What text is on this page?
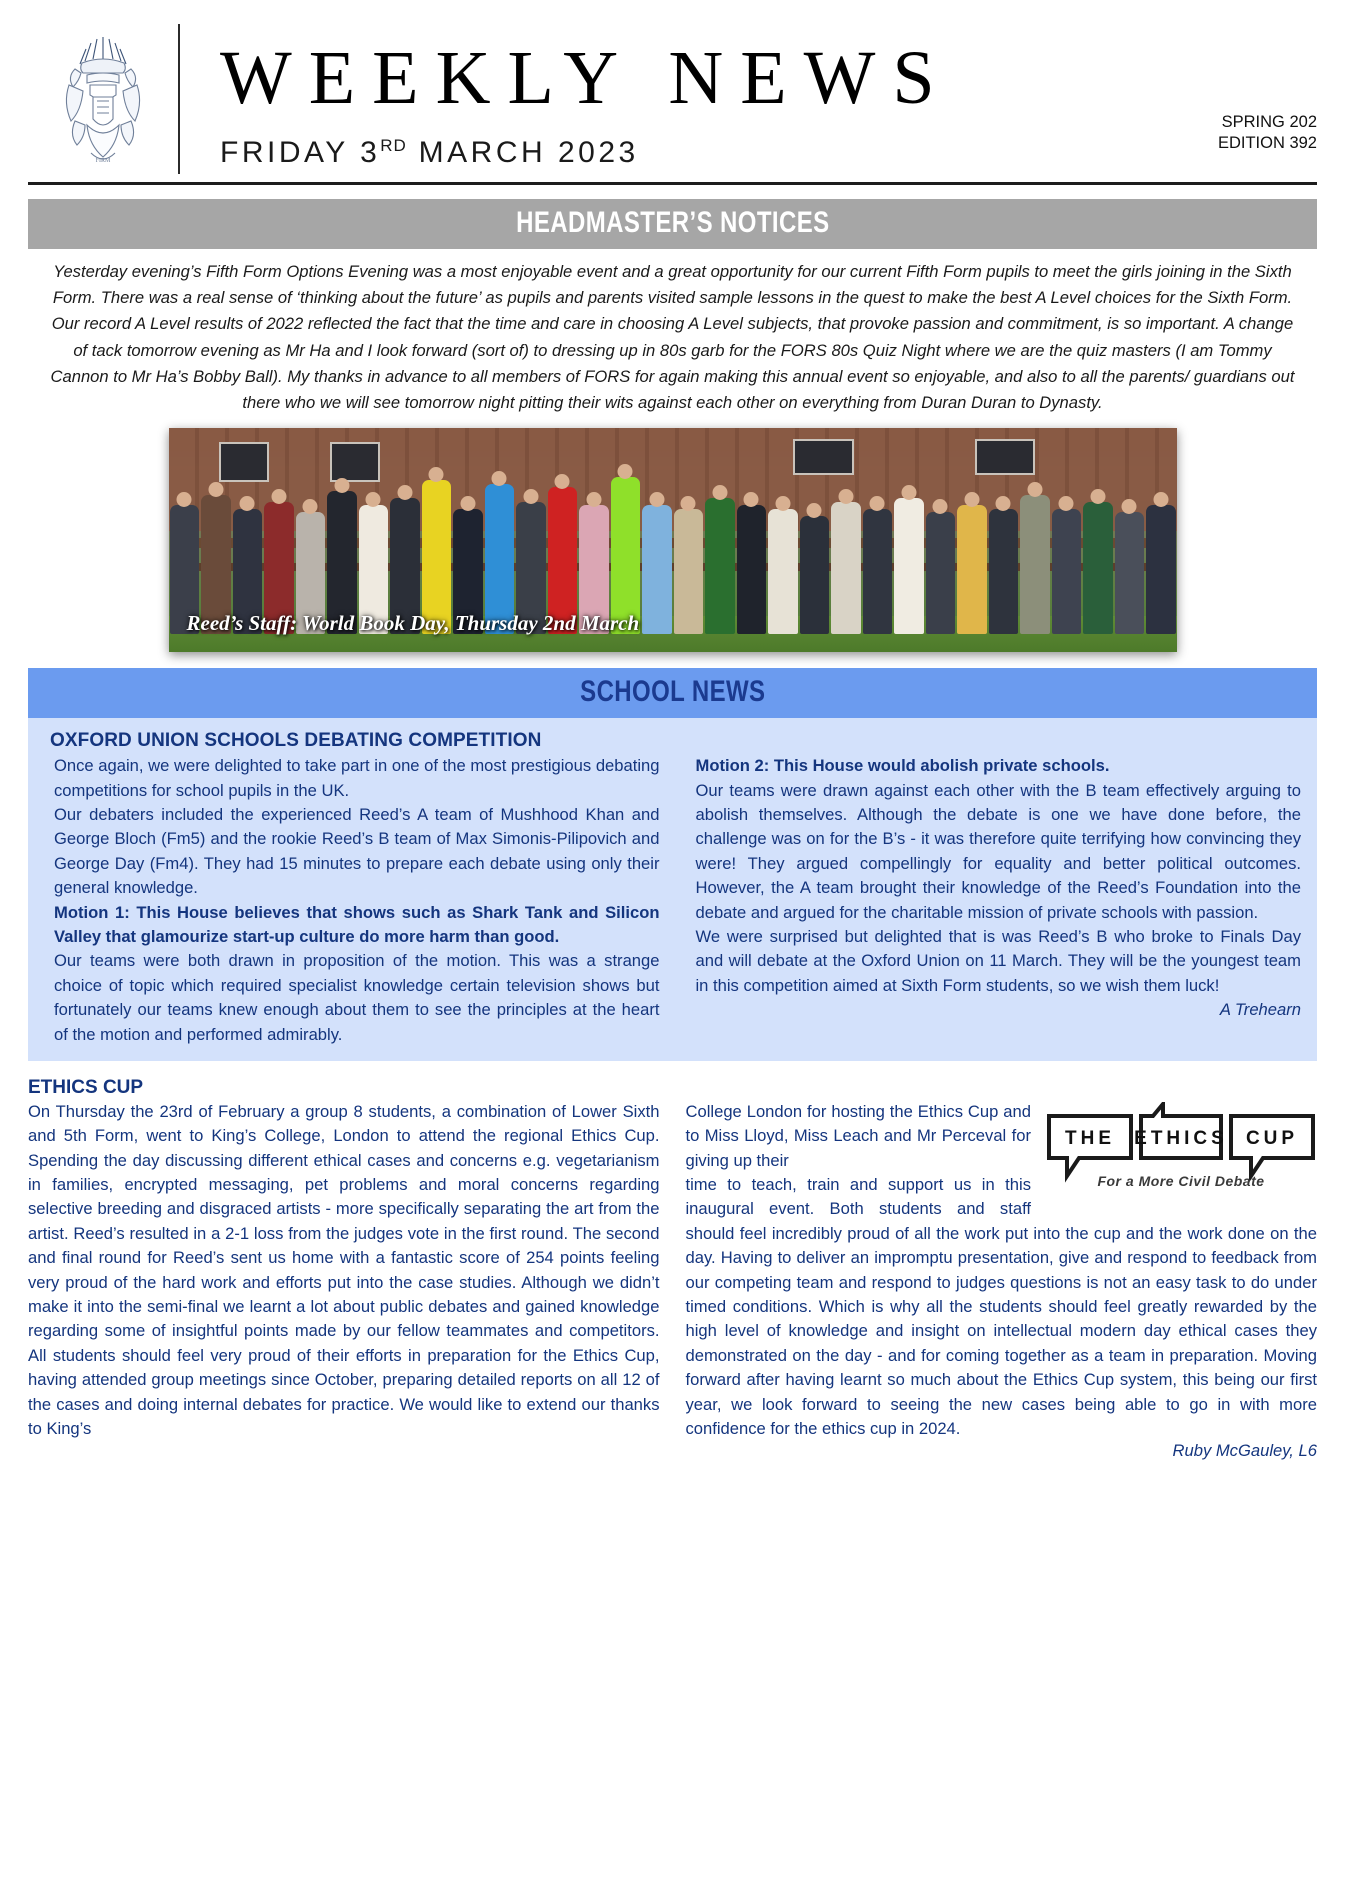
FIRM
WEEKLY NEWS
FRIDAY 3RD MARCH 2023
SPRING 202
EDITION 392
HEADMASTER’S NOTICES
Yesterday evening’s Fifth Form Options Evening was a most enjoyable event and a great opportunity for our current Fifth Form pupils to meet the girls joining in the Sixth Form. There was a real sense of ‘thinking about the future’ as pupils and parents visited sample lessons in the quest to make the best A Level choices for the Sixth Form. Our record A Level results of 2022 reflected the fact that the time and care in choosing A Level subjects, that provoke passion and commitment, is so important. A change of tack tomorrow evening as Mr Ha and I look forward (sort of) to dressing up in 80s garb for the FORS 80s Quiz Night where we are the quiz masters (I am Tommy Cannon to Mr Ha’s Bobby Ball). My thanks in advance to all members of FORS for again making this annual event so enjoyable, and also to all the parents/ guardians out there who we will see tomorrow night pitting their wits against each other on everything from Duran Duran to Dynasty.
Reed’s Staff: World Book Day, Thursday 2nd March
SCHOOL NEWS
OXFORD UNION SCHOOLS DEBATING COMPETITION

Once again, we were delighted to take part in one of the most prestigious debating competitions for school pupils in the UK.

Our debaters included the experienced Reed’s A team of Mushhood Khan and George Bloch (Fm5) and the rookie Reed’s B team of Max Simonis-Pilipovich and George Day (Fm4). They had 15 minutes to prepare each debate using only their general knowledge.

Motion 1: This House believes that shows such as Shark Tank and Silicon Valley that glamourize start-up culture do more harm than good.

Our teams were both drawn in proposition of the motion. This was a strange choice of topic which required specialist knowledge certain television shows but fortunately our teams knew enough about them to see the principles at the heart of the motion and performed admirably.

Motion 2: This House would abolish private schools.

Our teams were drawn against each other with the B team effectively arguing to abolish themselves. Although the debate is one we have done before, the challenge was on for the B’s - it was therefore quite terrifying how convincing they were! They argued compellingly for equality and better political outcomes. However, the A team brought their knowledge of the Reed’s Foundation into the debate and argued for the charitable mission of private schools with passion.

We were surprised but delighted that is was Reed’s B who broke to Finals Day and will debate at the Oxford Union on 11 March. They will be the youngest team in this competition aimed at Sixth Form students, so we wish them luck!

A Trehearn
ETHICS CUP

On Thursday the 23rd of February a group 8 students, a combination of Lower Sixth and 5th Form, went to King’s College, London to attend the regional Ethics Cup. Spending the day discussing different ethical cases and concerns e.g. vegetarianism in families, encrypted messaging, pet problems and moral concerns regarding selective breeding and disgraced artists - more specifically separating the art from the artist. Reed’s resulted in a 2-1 loss from the judges vote in the first round. The second and final round for Reed’s sent us home with a fantastic score of 254 points feeling very proud of the hard work and efforts put into the case studies. Although we didn’t make it into the semi-final we learnt a lot about public debates and gained knowledge regarding some of insightful points made by our fellow teammates and competitors. All students should feel very proud of their efforts in preparation for the Ethics Cup, having attended group meetings since October, preparing detailed reports on all 12 of the cases and doing internal debates for practice. We would like to extend our thanks to King’s

THE ETHICS CUP
For a More Civil Debate

College London for hosting the Ethics Cup and to Miss Lloyd, Miss Leach and Mr Perceval for giving up their

time to teach, train and support us in this inaugural event. Both students and staff should feel incredibly proud of all the work put into the cup and the work done on the day. Having to deliver an impromptu presentation, give and respond to feedback from our competing team and respond to judges questions is not an easy task to do under timed conditions. Which is why all the students should feel greatly rewarded by the high level of knowledge and insight on intellectual modern day ethical cases they demonstrated on the day - and for coming together as a team in preparation. Moving forward after having learnt so much about the Ethics Cup system, this being our first year, we look forward to seeing the new cases being able to go in with more confidence for the ethics cup in 2024.

Ruby McGauley, L6
